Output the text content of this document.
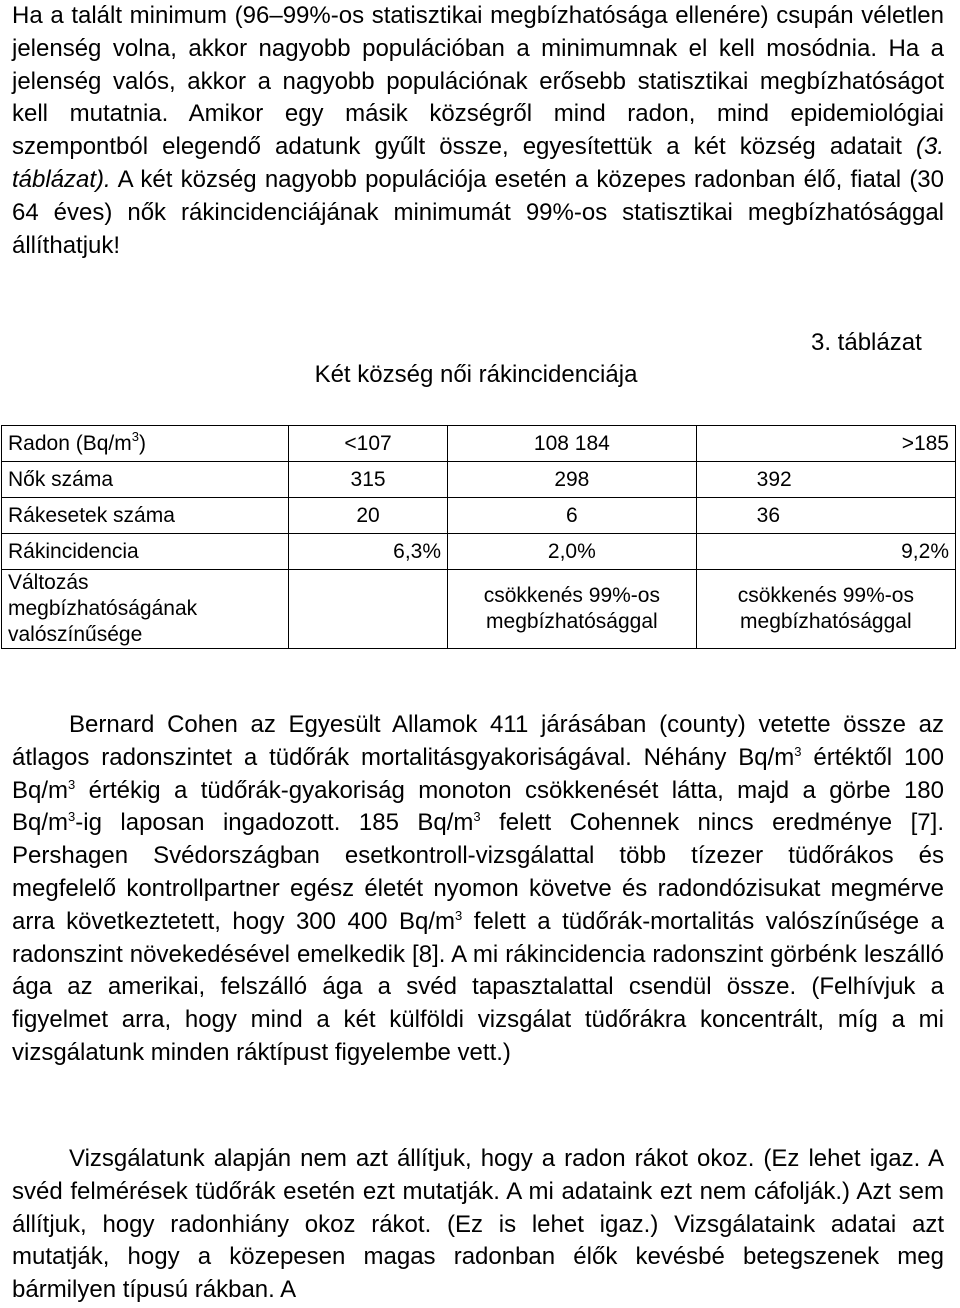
Ha a talált minimum (96–99%-os statisztikai megbízhatósága ellenére) csupán véletlen jelenség volna, akkor nagyobb populációban a minimumnak el kell mosódnia. Ha a jelenség valós, akkor a nagyobb populációnak erősebb statisztikai megbízhatóságot kell mutatnia. Amikor egy másik községről mind radon, mind epidemiológiai szempontból elegendő adatunk gyűlt össze, egyesítettük a két község adatait (3. táblázat). A két község nagyobb populációja esetén a közepes radonban élő, fiatal (30 64 éves) nők rákincidenciájának minimumát 99%-os statisztikai megbízhatósággal állíthatjuk!

3. táblázat
Két község női rákincidenciája
Radon $(Bq/m^3)$	<107	108 184	>185
Nők száma	315	298	392
Rákesetek száma	20	6	36
Rákincidencia	6,3%	2,0%	9,2%
Változás megbízhatóságának valószínűsége		csökkenés 99%-os megbízhatósággal	csökkenés 99%-os megbízhatósággal

Bernard Cohen az Egyesült Allamok 411 járásában (county) vetette össze az átlagos radonszintet a tüdőrák mortalitásgyakoriságával. Néhány $Bq/m^3$ értéktől 100 $Bq/m^3$ értékig a tüdőrák-gyakoriság monoton csökkenését látta, majd a görbe 180 $Bq/m^3-ig$ laposan ingadozott. 185 $Bq/m^3$ felett Cohennek nincs eredménye [7]. Pershagen Svédországban esetkontroll-vizsgálattal több tízezer tüdőrákos és megfelelő kontrollpartner egész életét nyomon követve és radondózisukat megmérve arra következtetett, hogy 300 400 $Bq/m^3$ felett a tüdőrák-mortalitás valószínűsége a radonszint növekedésével emelkedik [8]. A mi rákincidencia radonszint görbénk leszálló ága az amerikai, felszálló ága a svéd tapasztalattal csendül össze. (Felhívjuk a figyelmet arra, hogy mind a két külföldi vizsgálat tüdőrákra koncentrált, míg a mi vizsgálatunk minden ráktípust figyelembe vett.)

Vizsgálatunk alapján nem azt állítjuk, hogy a radon rákot okoz. (Ez lehet igaz. A svéd felmérések tüdőrák esetén ezt mutatják. A mi adataink ezt nem cáfolják.) Azt sem állítjuk, hogy radonhiány okoz rákot. (Ez is lehet igaz.) Vizsgálataink adatai azt mutatják, hogy a közepesen magas radonban élők kevésbé betegszenek meg bármilyen típusú rákban. A
